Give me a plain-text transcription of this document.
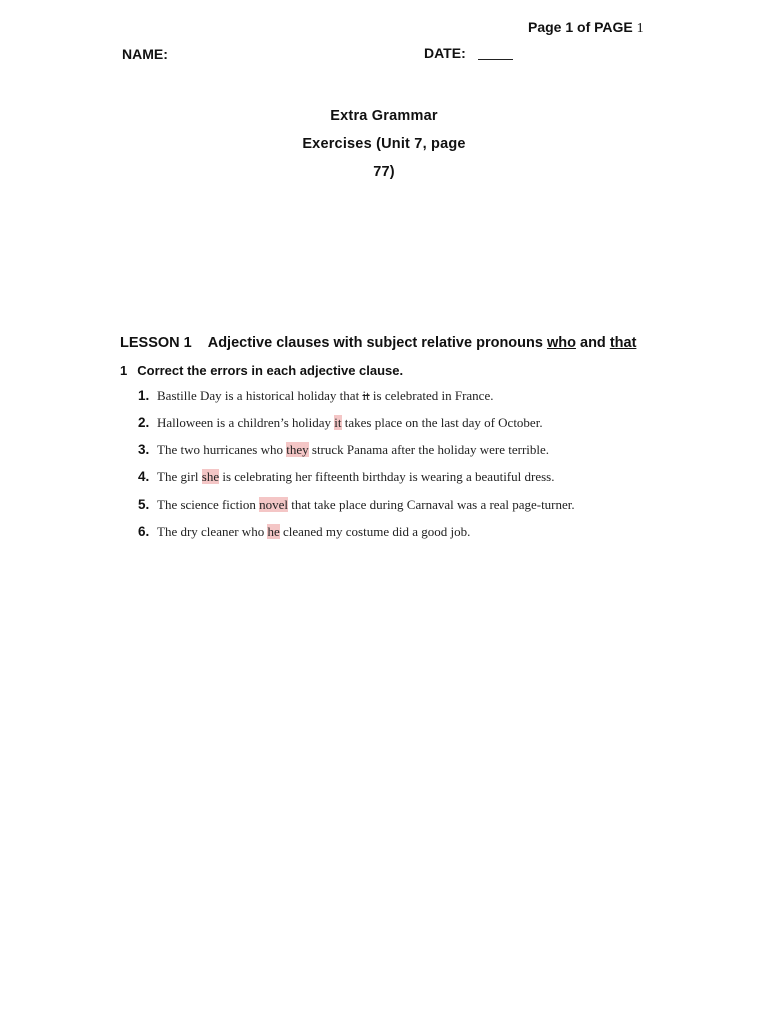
Page 1 of PAGE 1
NAME:	DATE:
Extra Grammar
Exercises (Unit 7, page
77)
LESSON 1 Adjective clauses with subject relative pronouns who and that
1 Correct the errors in each adjective clause.
1. Bastille Day is a historical holiday that it is celebrated in France.
2. Halloween is a children’s holiday it takes place on the last day of October.
3. The two hurricanes who they struck Panama after the holiday were terrible.
4. The girl she is celebrating her fifteenth birthday is wearing a beautiful dress.
5. The science fiction novel that take place during Carnaval was a real page-turner.
6. The dry cleaner who he cleaned my costume did a good job.
